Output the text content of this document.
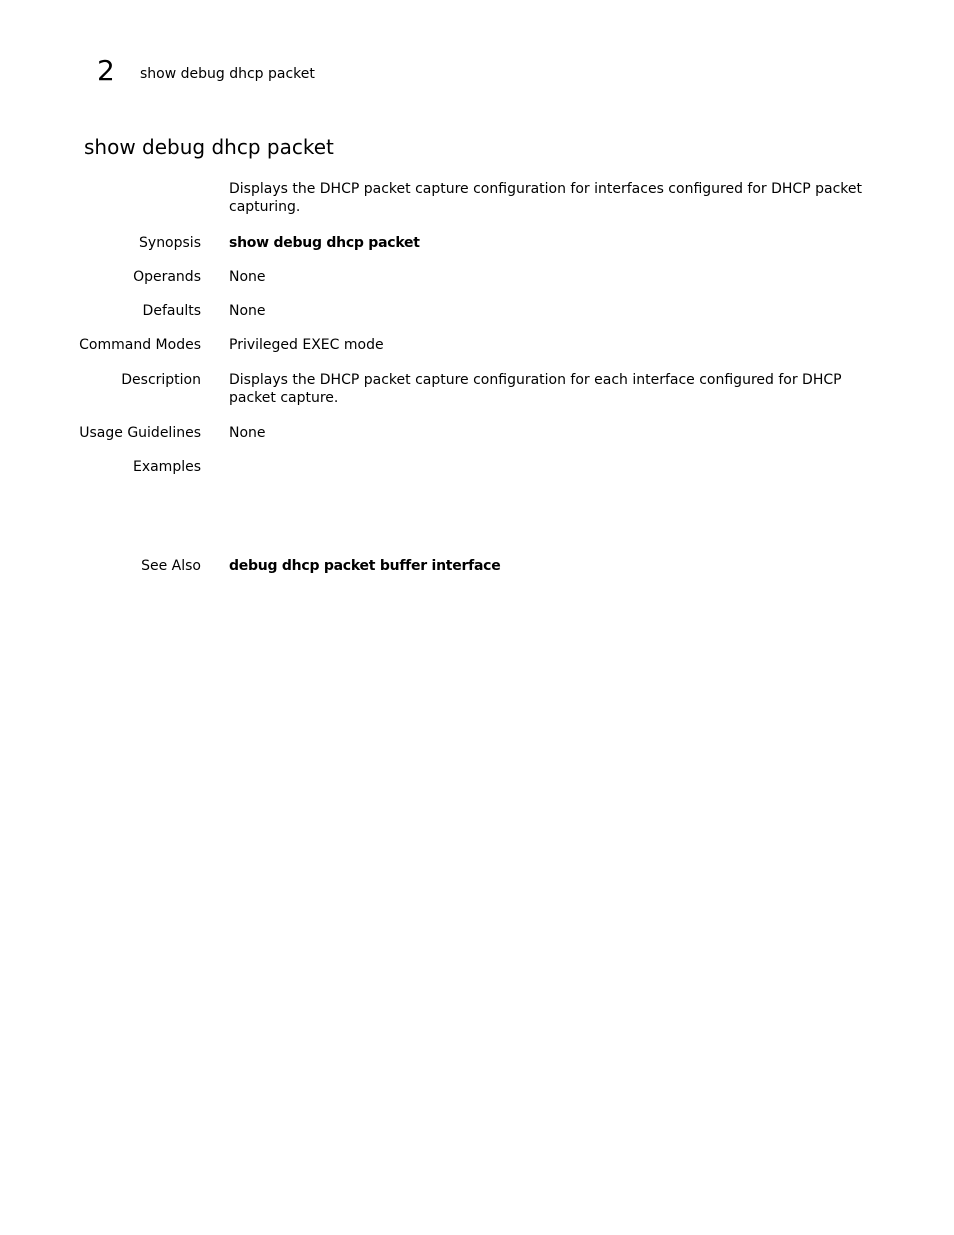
2 show debug dhcp packet
show debug dhcp packet
Displays the DHCP packet capture configuration for interfaces configured for DHCP packet capturing.
Synopsis show debug dhcp packet
Operands None
Defaults None
Command Modes Privileged EXEC mode
Description Displays the DHCP packet capture configuration for each interface configured for DHCP packet capture.
Usage Guidelines None
Examples
See Also debug dhcp packet buffer interface
